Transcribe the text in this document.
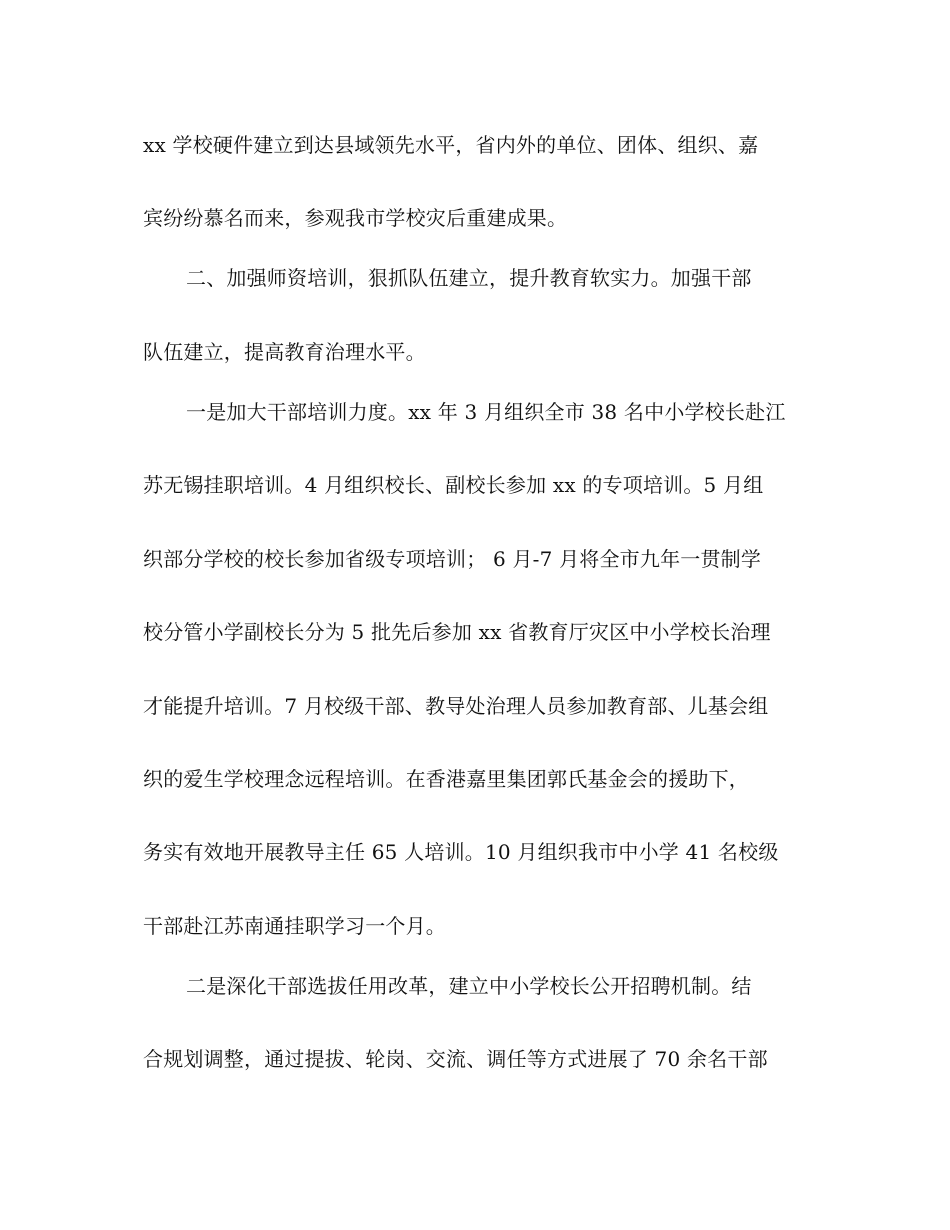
xx 学校硬件建立到达县域领先水平，省内外的单位、团体、组织、嘉
宾纷纷慕名而来，参观我市学校灾后重建成果。
二、加强师资培训，狠抓队伍建立，提升教育软实力。加强干部
队伍建立，提高教育治理水平。
一是加大干部培训力度。xx 年 3 月组织全市 38 名中小学校长赴江
苏无锡挂职培训。4 月组织校长、副校长参加 xx 的专项培训。5 月组
织部分学校的校长参加省级专项培训； 6 月-7 月将全市九年一贯制学
校分管小学副校长分为 5 批先后参加 xx 省教育厅灾区中小学校长治理
才能提升培训。7 月校级干部、教导处治理人员参加教育部、儿基会组
织的爱生学校理念远程培训。在香港嘉里集团郭氏基金会的援助下，
务实有效地开展教导主任 65 人培训。10 月组织我市中小学 41 名校级
干部赴江苏南通挂职学习一个月。
二是深化干部选拔任用改革，建立中小学校长公开招聘机制。结
合规划调整，通过提拔、轮岗、交流、调任等方式进展了 70 余名干部
